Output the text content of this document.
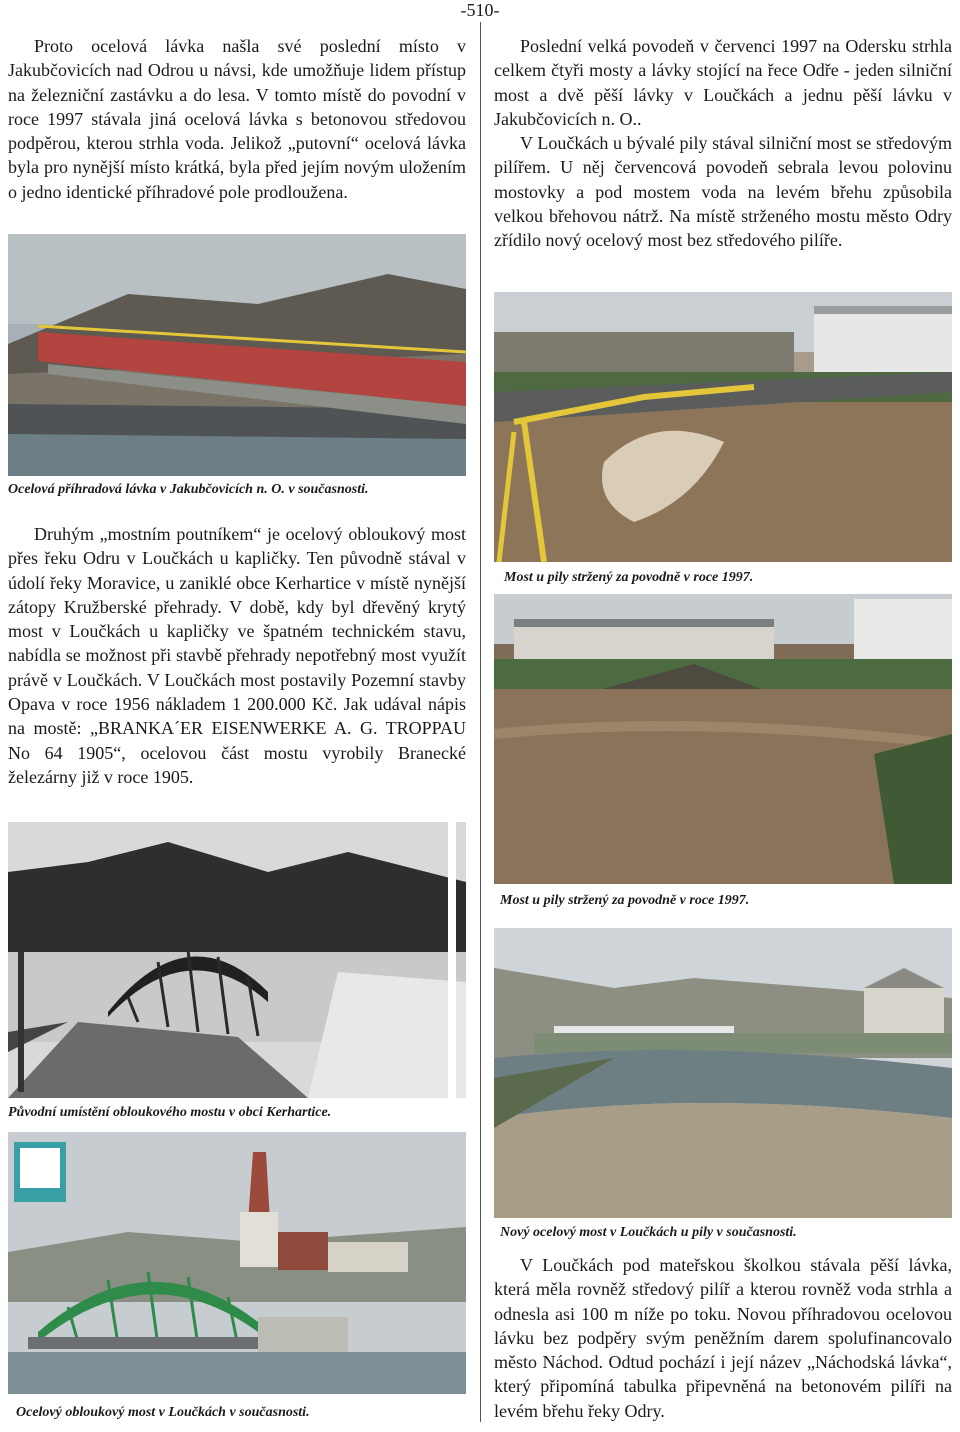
-510-

Proto ocelová lávka našla své poslední místo v Jakubčovicích nad Odrou u návsi, kde umožňuje lidem přístup na železniční zastávku a do lesa. V tomto místě do povodní v roce 1997 stávala jiná ocelová lávka s betonovou středovou podpěrou, kterou strhla voda. Jelikož „putovní“ ocelová lávka byla pro nynější místo krátká, byla před jejím novým uložením o jedno identické příhradové pole prodloužena.

Ocelová příhradová lávka v Jakubčovicích n. O. v současnosti.

Druhým „mostním poutníkem“ je ocelový obloukový most přes řeku Odru v Loučkách u kapličky. Ten původně stával v údolí řeky Moravice, u zaniklé obce Kerhartice v místě nynější zátopy Kružberské přehrady. V době, kdy byl dřevěný krytý most v Loučkách u kapličky ve špatném technickém stavu, nabídla se možnost při stavbě přehrady nepotřebný most využít právě v Loučkách. V Loučkách most postavily Pozemní stavby Opava v roce 1956 nákladem 1 200.000 Kč. Jak udával nápis na mostě: „BRANKA´ER EISENWERKE A. G. TROPPAU No 64 1905“, ocelovou část mostu vyrobily Branecké železárny již v roce 1905.

Původní umístění obloukového mostu v obci Kerhartice.
Ocelový obloukový most v Loučkách v současnosti.

Poslední velká povodeň v červenci 1997 na Odersku strhla celkem čtyři mosty a lávky stojící na řece Odře - jeden silniční most a dvě pěší lávky v Loučkách a jednu pěší lávku v Jakubčovicích n. O..

V Loučkách u bývalé pily stával silniční most se středovým pilířem. U něj červencová povodeň sebrala levou polovinu mostovky a pod mostem voda na levém břehu způsobila velkou břehovou nátrž. Na místě strženého mostu město Odry zřídilo nový ocelový most bez středového pilíře.

Most u pily stržený za povodně v roce 1997.
Most u pily stržený za povodně v roce 1997.
Nový ocelový most v Loučkách u pily v současnosti.

V Loučkách pod mateřskou školkou stávala pěší lávka, která měla rovněž středový pilíř a kterou rovněž voda strhla a odnesla asi 100 m níže po toku. Novou příhradovou ocelovou lávku bez podpěry svým peněžním darem spolufinancovalo město Náchod. Odtud pochází i její název „Náchodská lávka“, který připomíná tabulka připevněná na betonovém pilíři na levém břehu řeky Odry.
